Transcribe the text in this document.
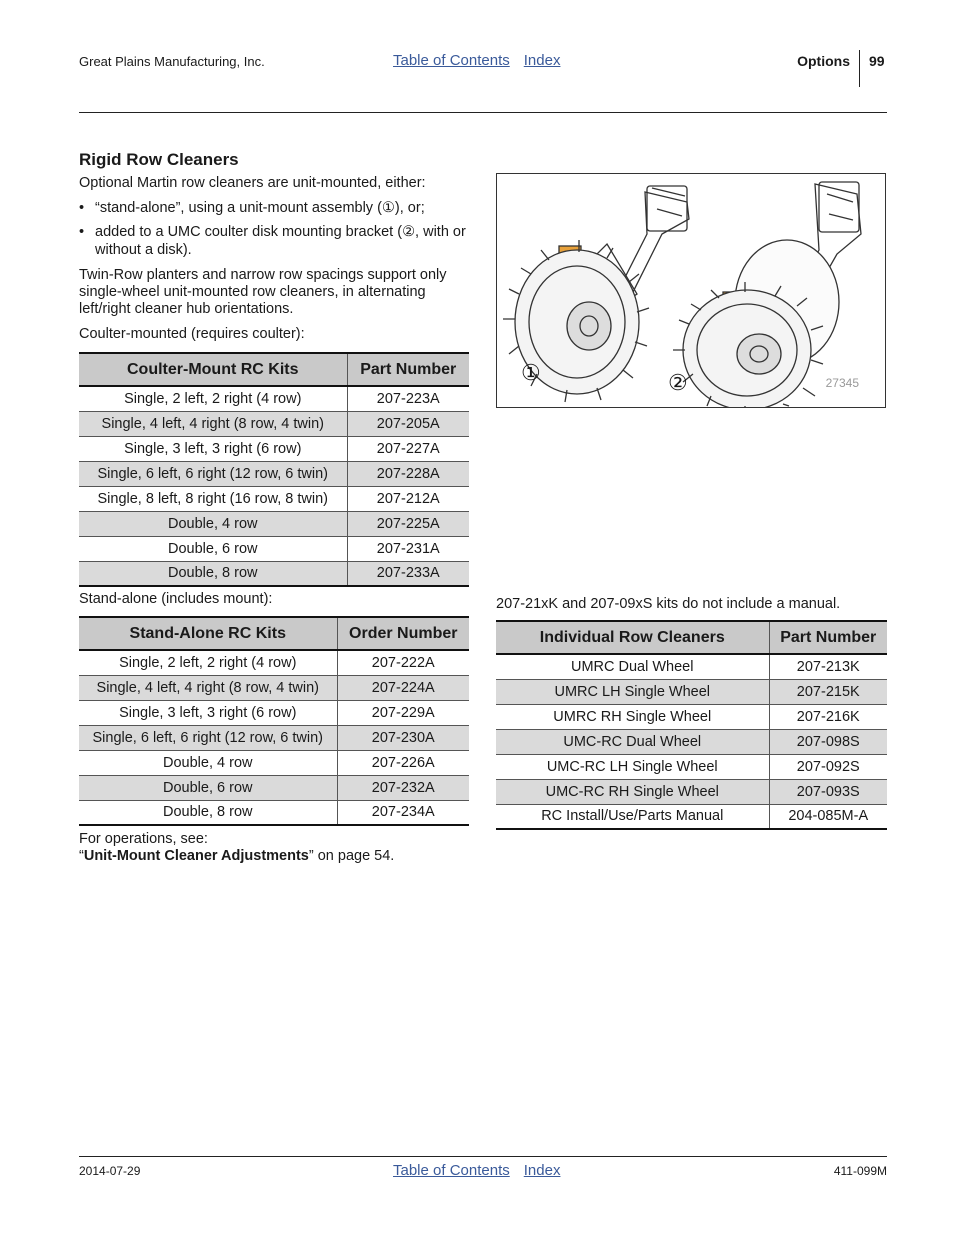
Great Plains Manufacturing, Inc.	Table of Contents Index	Options 99
Rigid Row Cleaners
Optional Martin row cleaners are unit-mounted, either:
• “stand-alone”, using a unit-mount assembly (①), or;
• added to a UMC coulter disk mounting bracket (②, with or without a disk).
Twin-Row planters and narrow row spacings support only single-wheel unit-mounted row cleaners, in alternating left/right cleaner hub orientations.
Coulter-mounted (requires coulter):
Coulter-Mount RC Kits	Part Number
Single, 2 left, 2 right (4 row)	207-223A
Single, 4 left, 4 right (8 row, 4 twin)	207-205A
Single, 3 left, 3 right (6 row)	207-227A
Single, 6 left, 6 right (12 row, 6 twin)	207-228A
Single, 8 left, 8 right (16 row, 8 twin)	207-212A
Double, 4 row	207-225A
Double, 6 row	207-231A
Double, 8 row	207-233A
Stand-alone (includes mount):
Stand-Alone RC Kits	Order Number
Single, 2 left, 2 right (4 row)	207-222A
Single, 4 left, 4 right (8 row, 4 twin)	207-224A
Single, 3 left, 3 right (6 row)	207-229A
Single, 6 left, 6 right (12 row, 6 twin)	207-230A
Double, 4 row	207-226A
Double, 6 row	207-232A
Double, 8 row	207-234A
For operations, see:
“Unit-Mount Cleaner Adjustments” on page 54.
①	②	27345
207-21xK and 207-09xS kits do not include a manual.
Individual Row Cleaners	Part Number
UMRC Dual Wheel	207-213K
UMRC LH Single Wheel	207-215K
UMRC RH Single Wheel	207-216K
UMC-RC Dual Wheel	207-098S
UMC-RC LH Single Wheel	207-092S
UMC-RC RH Single Wheel	207-093S
RC Install/Use/Parts Manual	204-085M-A
2014-07-29	Table of Contents Index	411-099M
